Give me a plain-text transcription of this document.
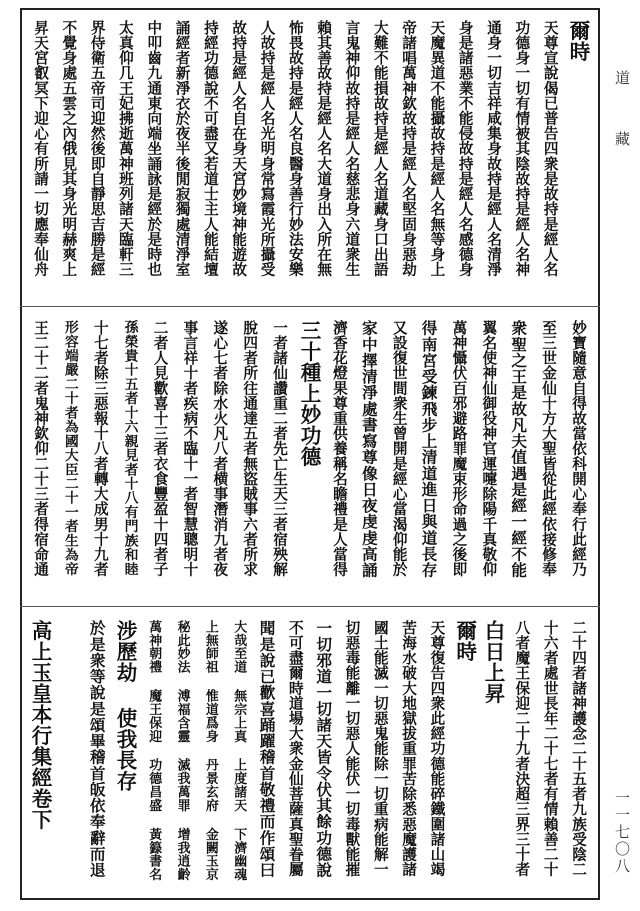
道 藏
一一七〇八
爾時
天尊宣說偈已普告四衆是故持是經人名
功德身一切有情被其陰故持是經人名神
通身一切吉祥咸集身故持是經人名清淨
身是諸惡業不能侵故持是經人名感德身
天魔異道不能攝故持是經人名無等身上
帝諸唱萬神欽故持是經人名堅固身惡劫
大難不能損故持是經人名道藏身口出語
言鬼神仰故持是經人名慈悲身六道衆生
賴其善故持是經人名大道身出入所在無
怖畏故持是經人名良醫身善行妙法安樂
人故持是經人名光明身常寫霞光所攝受
故持是經人名自在身天宮妙境神能遊故
持經功德說不可盡又若道士主人能結壇
誦經者新淨衣於夜半後閒寂獨處清淨室
中叩齒九通東向端坐誦詠是經於是時也
太真仰几王妃拂逝萬神班列諸天臨軒三
界侍衛五帝司迎然後即自靜思吉勝是經
不覺身處五雲之內俄見其身光明赫爽上
昇天宮叡冥下迎心有所請一切應奉仙舟
妙寶隨意自得故當依科開心奉行此經乃
至三世金仙十方大聖皆從此經依接修奉
衆聖之王是故凡夫值遇是經一經不能
翼名使神仙御役神官運嚏除陽千真敬仰
萬神懾伏百邪避路罪魔束形命過之後即
得南宮受鍊飛步上清道進日與道長存
又設復世間衆生曾開是經心當渴仰能於
家中擇清淨處書寫尊像日夜虔虔高誦
濟香花燈果尊重供養稱名瞻禮是人當得
三十種上妙功德
一者諸仙讚重二者先亡生天三者宿殃解
脫四者所往通達五者無盜賊事六者所求
遂心七者除水火凡八者横事潛消九者夜
事言祥十者疾病不臨十一者智慧聰明十
二者人見歡喜十三者衣食豐盈十四者子
孫榮貴十五者十六親見者十八有門族和睦
十七者除三惡報十八者轉大成男十九者
形容端嚴二十者為國大臣二十一者生為帝
王二十二者鬼神欽仰二十三者得宿命通
二十四者諸神護念二十五者九族受陰二
十六者處世長年二十七者有情賴善二十
八者魔王保迎二十九者決超三界三十者
白日上昇
爾時
天尊復告四衆此經功德能碎鐵圍諸山竭
苦海水破大地獄拔重罪苦除悉惡魔護諸
國土能滅一切惡鬼能除一切重病能解一
切惡毒能離一切惡人能伏一切毒獸能摧
一切邪道一切諸天皆令伏其餘功德說
不可盡爾時道場大衆金仙菩薩真聖眷屬
聞是說已歡喜踊躍稽首敬禮而作頌曰
大哉至道 無宗上真 上度諸天 下濟幽魂
上無師祖 惟道爲身 丹景玄府 金闕玉京
秘此妙法 溥福含靈 滅我萬罪 增我逍齡
萬神朝禮 魔王保迎 功德昌盛 黃籙書名
涉歷劫 使我長存
於是衆等說是頌畢稽首皈依奉辭而退
高上玉皇本行集經卷下
